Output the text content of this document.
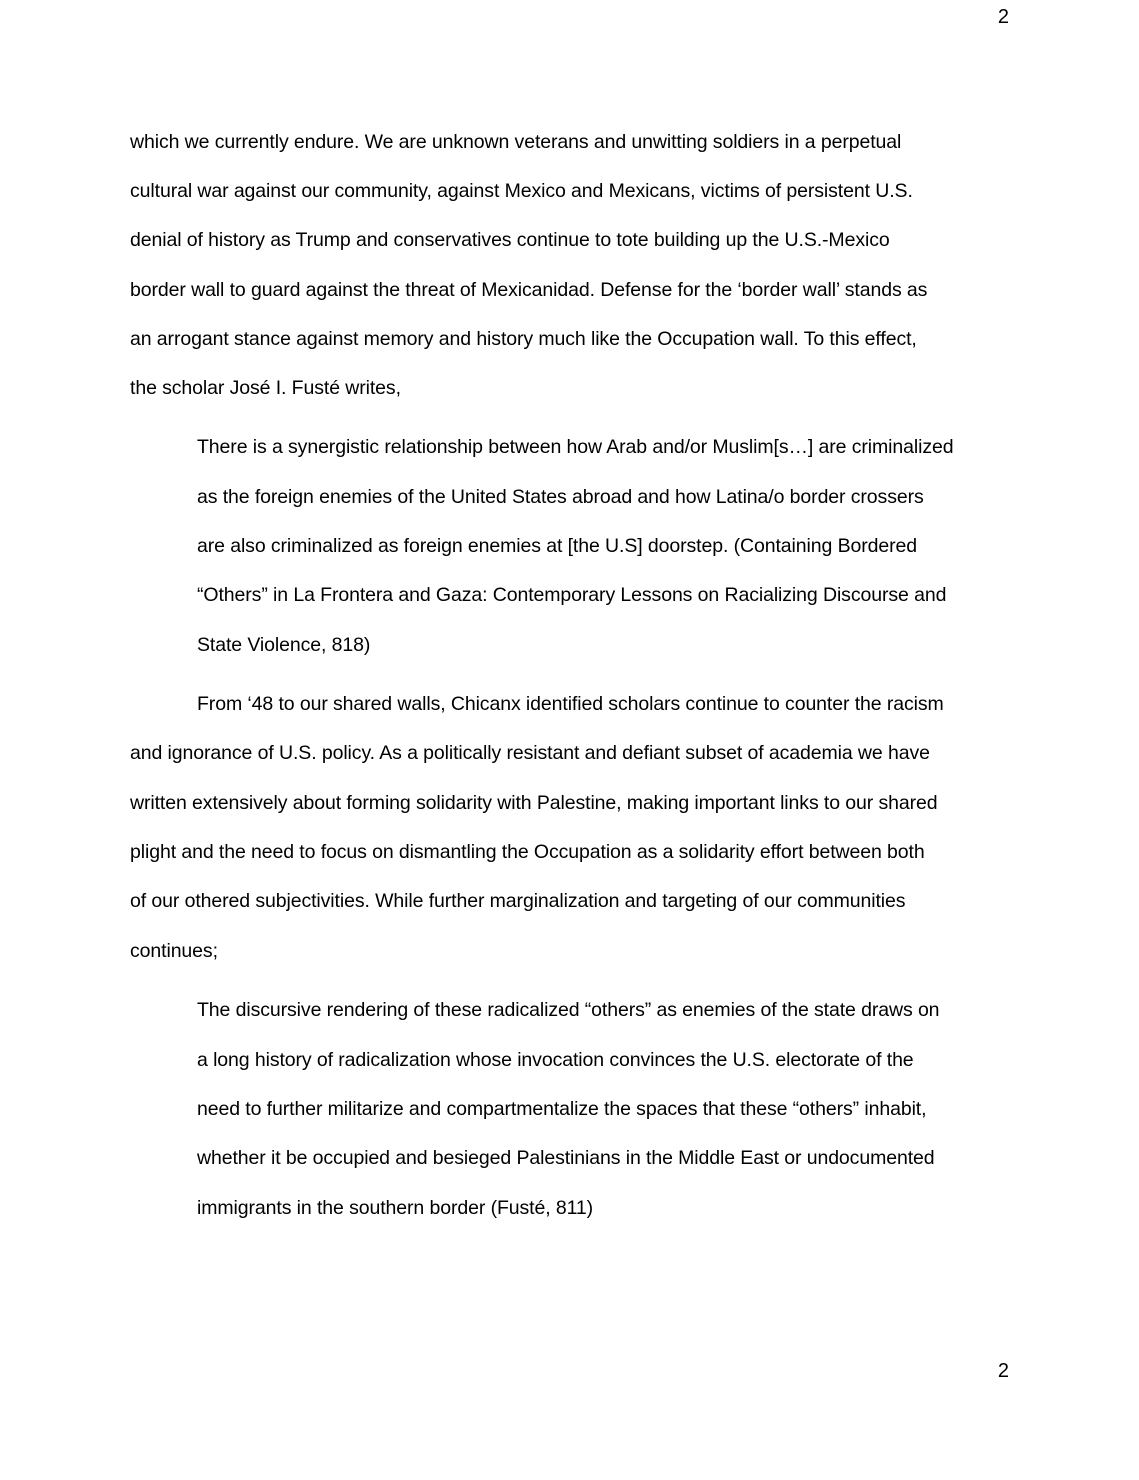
2
which we currently endure. We are unknown veterans and unwitting soldiers in a perpetual
cultural war against our community, against Mexico and Mexicans, victims of persistent U.S.
denial of history as Trump and conservatives continue to tote building up the U.S.-Mexico
border wall to guard against the threat of Mexicanidad. Defense for the ‘border wall’ stands as
an arrogant stance against memory and history much like the Occupation wall. To this effect,
the scholar José I. Fusté writes,
There is a synergistic relationship between how Arab and/or Muslim[s…] are criminalized
as the foreign enemies of the United States abroad and how Latina/o border crossers
are also criminalized as foreign enemies at [the U.S] doorstep. (Containing Bordered
“Others” in La Frontera and Gaza: Contemporary Lessons on Racializing Discourse and
State Violence, 818)
From ‘48 to our shared walls, Chicanx identified scholars continue to counter the racism
and ignorance of U.S. policy. As a politically resistant and defiant subset of academia we have
written extensively about forming solidarity with Palestine, making important links to our shared
plight and the need to focus on dismantling the Occupation as a solidarity effort between both
of our othered subjectivities. While further marginalization and targeting of our communities
continues;
The discursive rendering of these radicalized “others” as enemies of the state draws on
a long history of radicalization whose invocation convinces the U.S. electorate of the
need to further militarize and compartmentalize the spaces that these “others” inhabit,
whether it be occupied and besieged Palestinians in the Middle East or undocumented
immigrants in the southern border (Fusté, 811)
2
